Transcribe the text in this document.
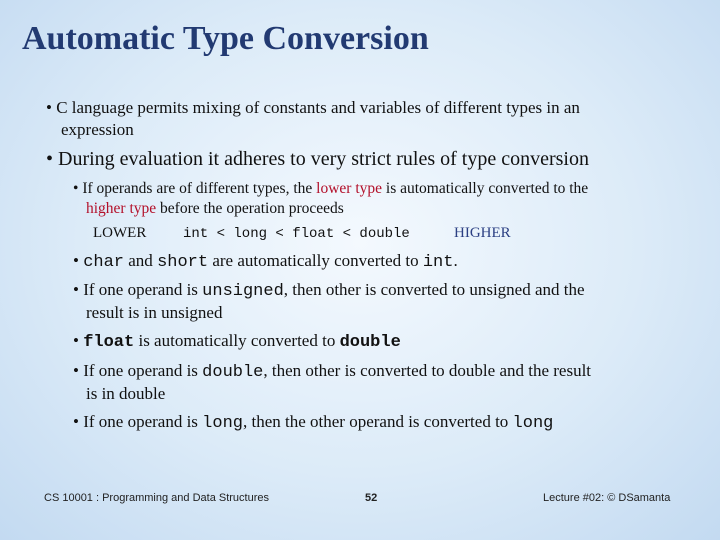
Automatic Type Conversion
• C language permits mixing of constants and variables of different types in an
expression
• During evaluation it adheres to very strict rules of type conversion
• If operands are of different types, the lower type is automatically converted to the
higher type before the operation proceeds
LOWER	int < long < float < double	HIGHER
• char and short are automatically converted to int.
• If one operand is unsigned, then other is converted to unsigned and the
result is in unsigned
• float is automatically converted to double
• If one operand is double, then other is converted to double and the result
is in double
• If one operand is long, then the other operand is converted to long
CS 10001 : Programming and Data Structures	52	Lecture #02: © DSamanta
